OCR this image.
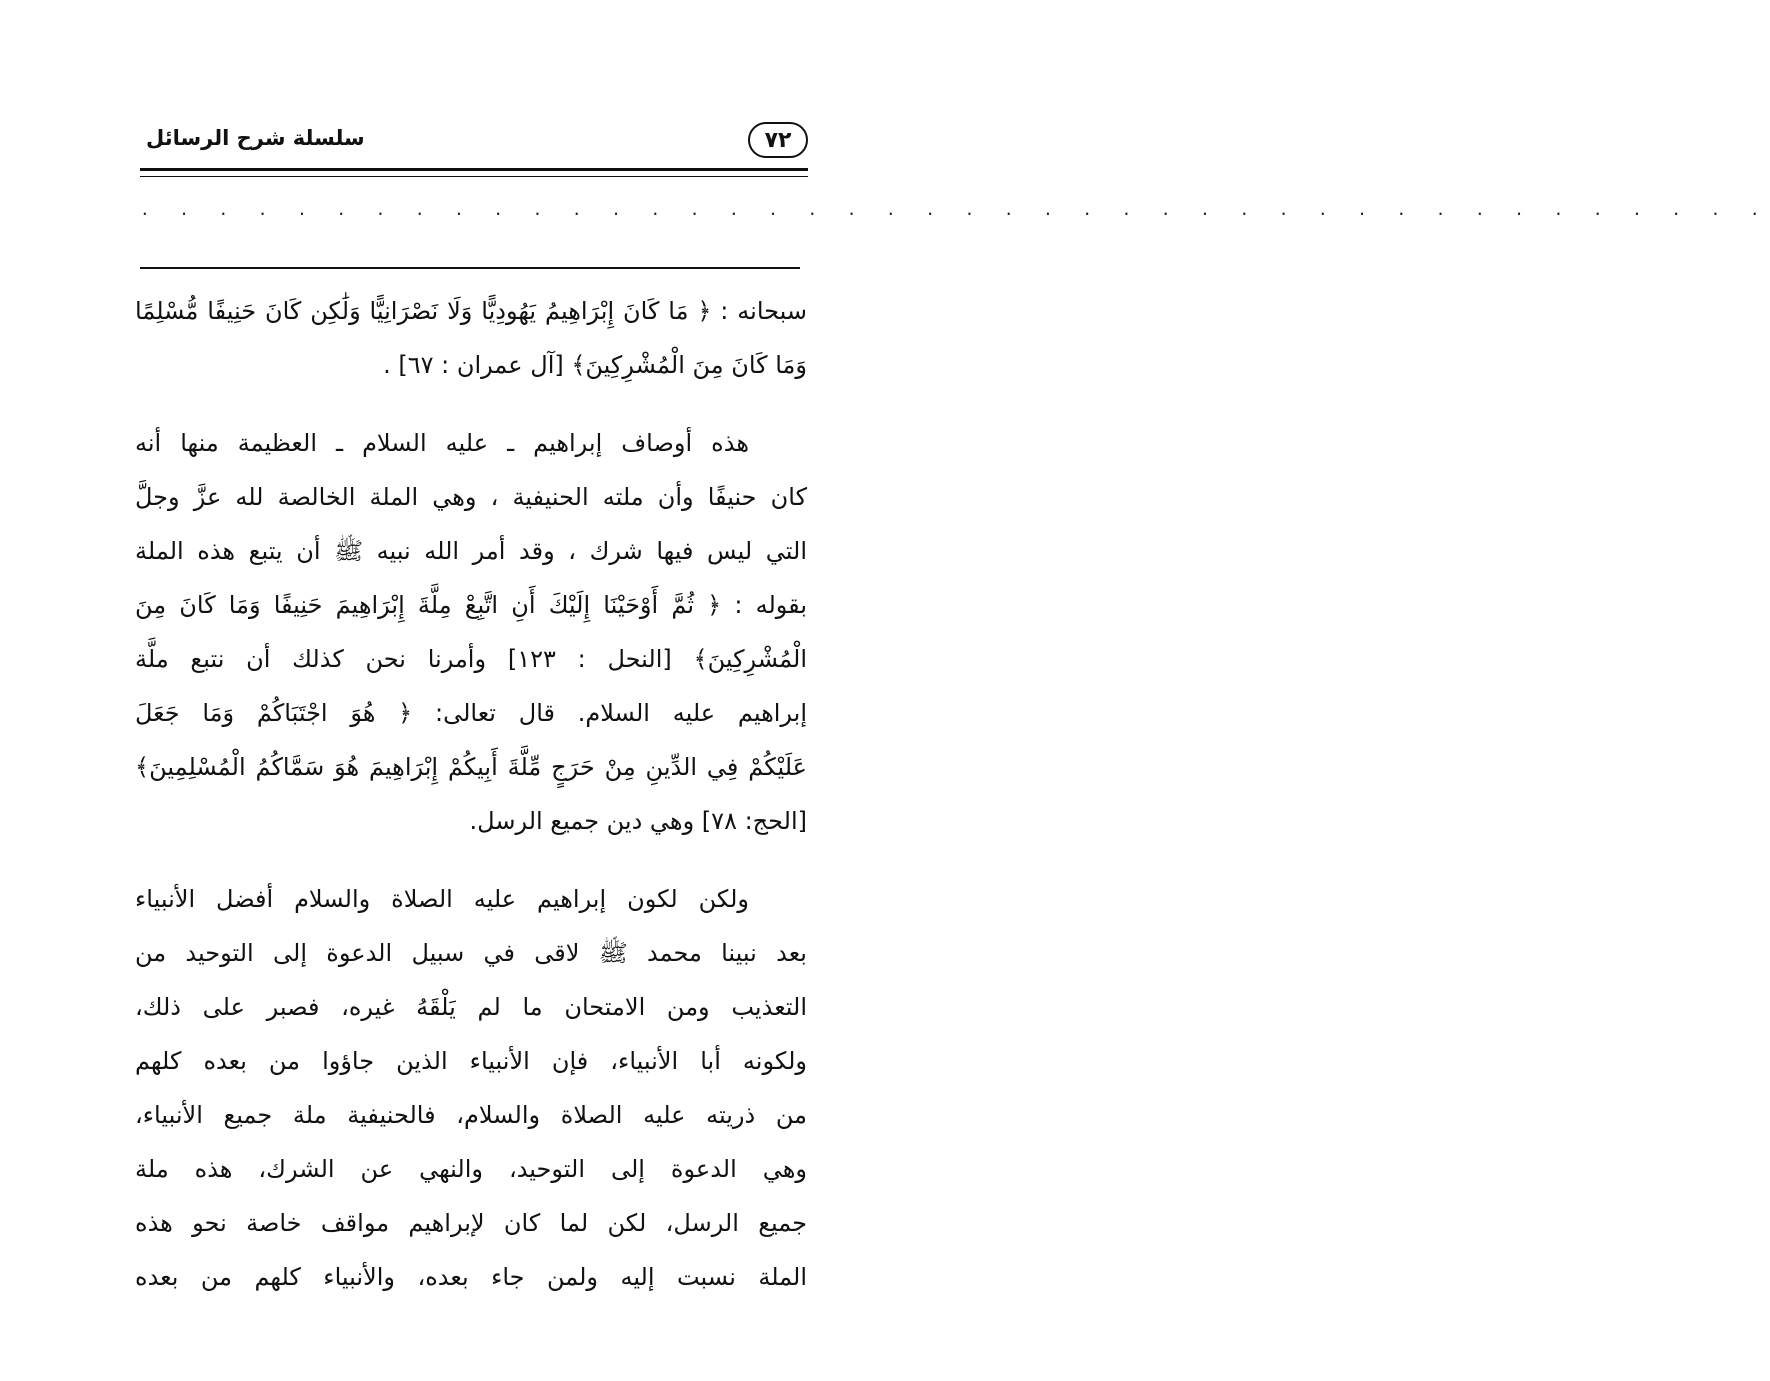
سلسلة شرح الرسائل	٧٢
. . . . . . . . . . . . . . . . . . . . . . . . . . . . . . . . . . . . . . . . . .
سبحانه : ﴿ مَا كَانَ إِبْرَاهِيمُ يَهُودِيًّا وَلَا نَصْرَانِيًّا وَلَٰكِن كَانَ حَنِيفًا مُّسْلِمًا
وَمَا كَانَ مِنَ الْمُشْرِكِينَ﴾ [آل عمران : ٦٧] .
هذه أوصاف إبراهيم ـ عليه السلام ـ العظيمة منها أنه
كان حنيفًا وأن ملته الحنيفية ، وهي الملة الخالصة لله عزَّ وجلَّ
التي ليس فيها شرك ، وقد أمر الله نبيه ﷺ أن يتبع هذه الملة
بقوله : ﴿ ثُمَّ أَوْحَيْنَا إِلَيْكَ أَنِ اتَّبِعْ مِلَّةَ إِبْرَاهِيمَ حَنِيفًا وَمَا كَانَ مِنَ
الْمُشْرِكِينَ﴾ [النحل : ١٢٣] وأمرنا نحن كذلك أن نتبع ملَّة
إبراهيم عليه السلام. قال تعالى: ﴿ هُوَ اجْتَبَاكُمْ وَمَا جَعَلَ
عَلَيْكُمْ فِي الدِّينِ مِنْ حَرَجٍ مِّلَّةَ أَبِيكُمْ إِبْرَاهِيمَ هُوَ سَمَّاكُمُ الْمُسْلِمِينَ﴾
[الحج: ٧٨] وهي دين جميع الرسل.
ولكن لكون إبراهيم عليه الصلاة والسلام أفضل الأنبياء
بعد نبينا محمد ﷺ لاقى في سبيل الدعوة إلى التوحيد من
التعذيب ومن الامتحان ما لم يَلْقَهُ غيره، فصبر على ذلك،
ولكونه أبا الأنبياء، فإن الأنبياء الذين جاؤوا من بعده كلهم
من ذريته عليه الصلاة والسلام، فالحنيفية ملة جميع الأنبياء،
وهي الدعوة إلى التوحيد، والنهي عن الشرك، هذه ملة
جميع الرسل، لكن لما كان لإبراهيم مواقف خاصة نحو هذه
الملة نسبت إليه ولمن جاء بعده، والأنبياء كلهم من بعده
